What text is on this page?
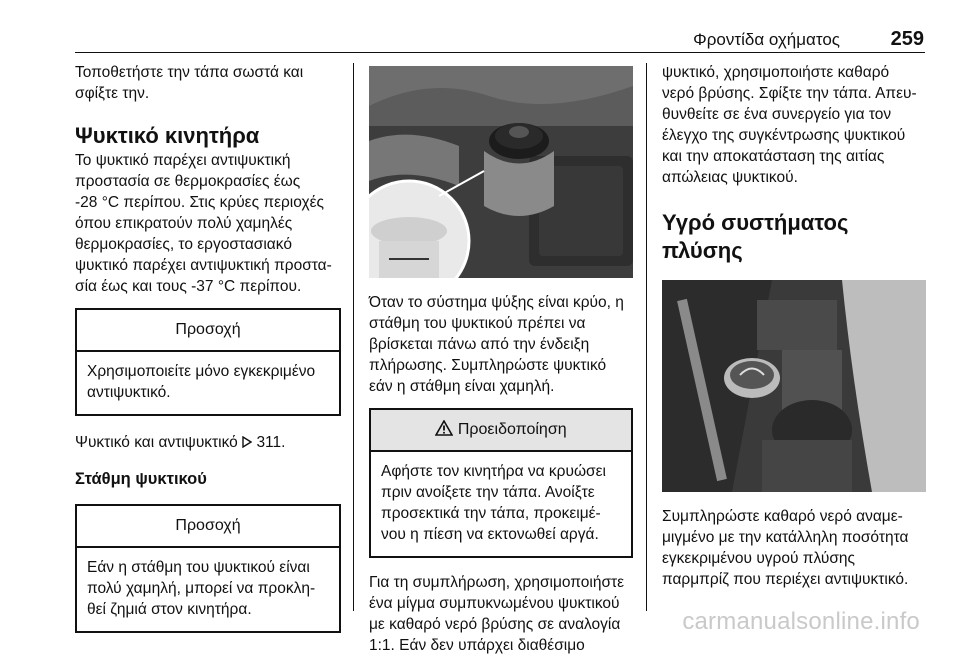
Φροντίδα οχήματος	259

Τοποθετήστε την τάπα σωστά και

σφίξτε την.

Ψυκτικό κινητήρα

Το ψυκτικό παρέχει αντιψυκτική

προστασία σε θερμοκρασίες έως

-28 °C περίπου. Στις κρύες περιοχές

όπου επικρατούν πολύ χαμηλές

θερμοκρασίες, το εργοστασιακό

ψυκτικό παρέχει αντιψυκτική προστα‐

σία έως και τους -37 °C περίπου.

Προσοχή

Χρησιμοποιείτε μόνο εγκεκριμένο

αντιψυκτικό.

Ψυκτικό και αντιψυκτικό 311.

Στάθμη ψυκτικού
Προσοχή

Εάν η στάθμη του ψυκτικού είναι

πολύ χαμηλή, μπορεί να προκλη‐

θεί ζημιά στον κινητήρα.

Όταν το σύστημα ψύξης είναι κρύο, η

στάθμη του ψυκτικού πρέπει να

βρίσκεται πάνω από την ένδειξη

πλήρωσης. Συμπληρώστε ψυκτικό

εάν η στάθμη είναι χαμηλή.

Προειδοποίηση

Αφήστε τον κινητήρα να κρυώσει

πριν ανοίξετε την τάπα. Ανοίξτε

προσεκτικά την τάπα, προκειμέ‐

νου η πίεση να εκτονωθεί αργά.

Για τη συμπλήρωση, χρησιμοποιήστε

ένα μίγμα συμπυκνωμένου ψυκτικού

με καθαρό νερό βρύσης σε αναλογία

1:1. Εάν δεν υπάρχει διαθέσιμο

ψυκτικό, χρησιμοποιήστε καθαρό

νερό βρύσης. Σφίξτε την τάπα. Απευ‐

θυνθείτε σε ένα συνεργείο για τον

έλεγχο της συγκέντρωσης ψυκτικού

και την αποκατάσταση της αιτίας

απώλειας ψυκτικού.

Υγρό συστήματος πλύσης

Συμπληρώστε καθαρό νερό αναμε‐

μιγμένο με την κατάλληλη ποσότητα

εγκεκριμένου υγρού πλύσης

παρμπρίζ που περιέχει αντιψυκτικό.

carmanualsonline.info
